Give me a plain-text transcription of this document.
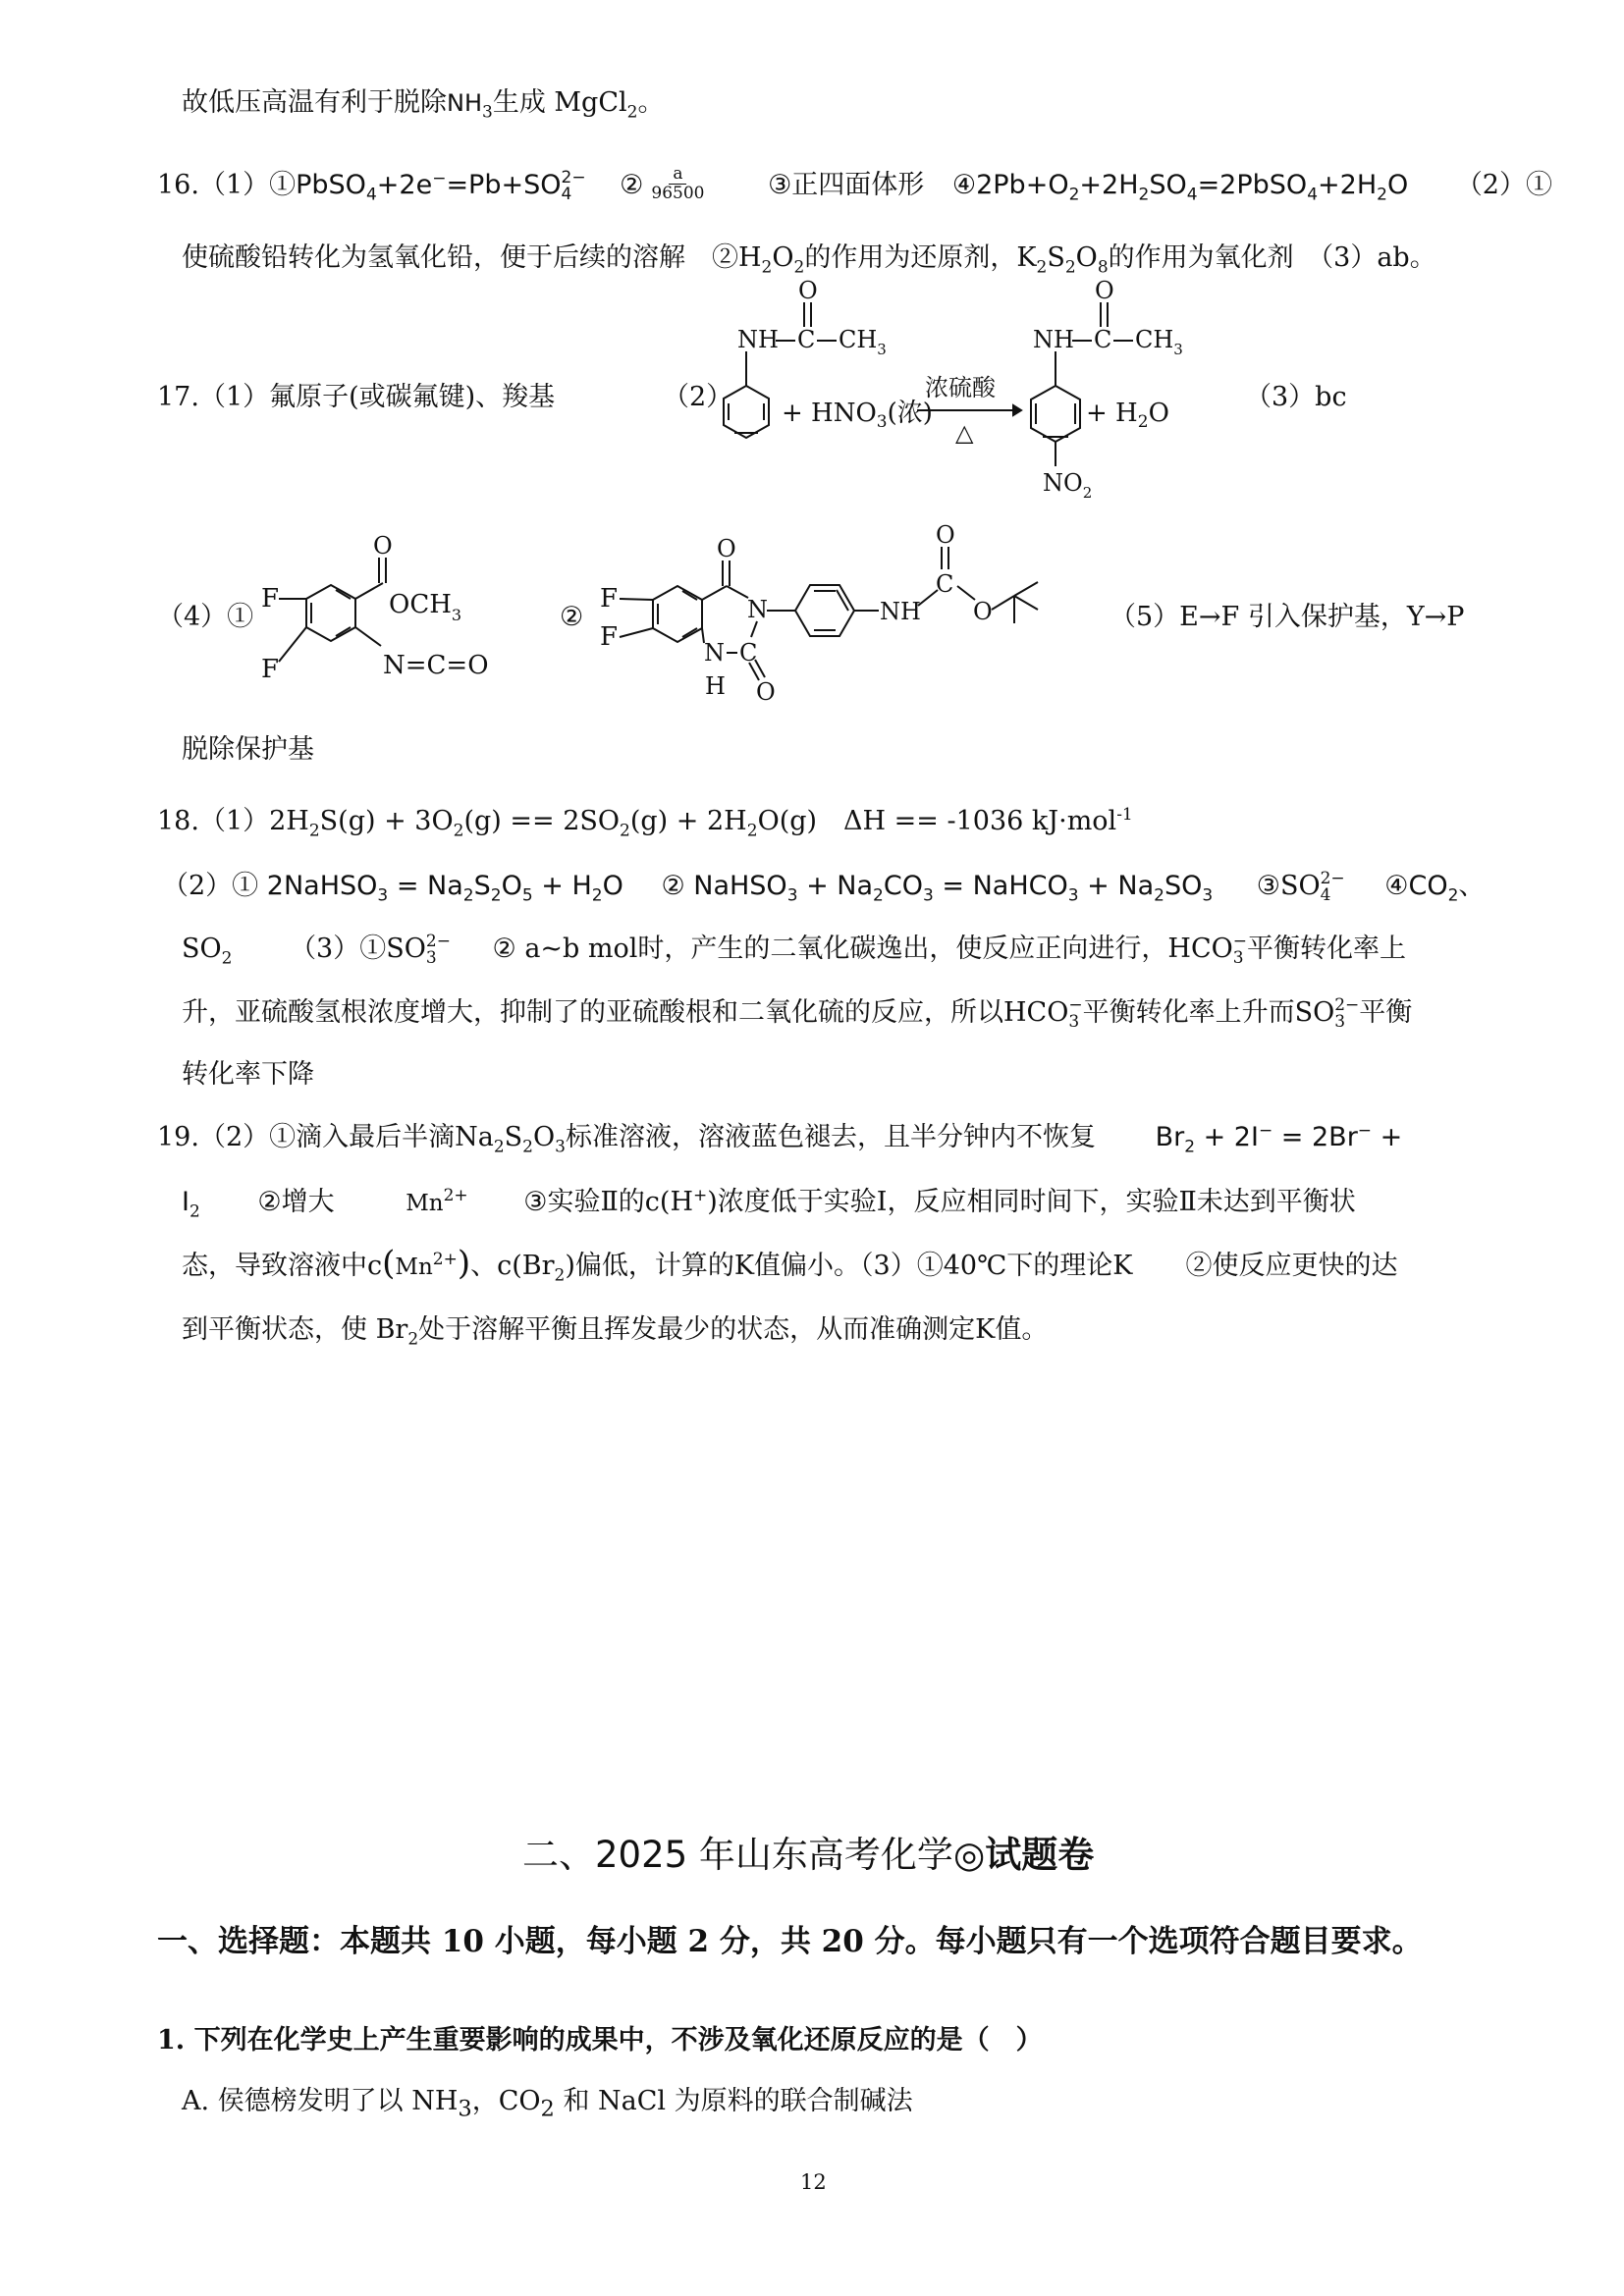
故低压高温有利于脱除$NH_3$生成 MgCl$_2$。
16.（1）①PbSO$_4$+2e−=Pb+SO 2−
4	② $\frac{a}{96500}$ ③正四面体形 $④2Pb+O_2+2H_2SO_4=2PbSO_4+2H_2O$ （2）①
使硫酸铅转化为氢氧化铅，便于后续的溶解　$②H_2O_2$的作用为还原剂，$K_2S_2O_8$的作用为氧化剂　（3）ab。
17.（1）氟原子(或碳氟键)、羧基	（2）
NH C
O
$CH_3$
+ $HNO_3$(浓)
浓硫酸
△
NH C
O
$CH_3$
$NO_2$
+ $H_2O$
（3）bc
（4）①
F
F
O
$OCH_3$
N=C=O
②
F
F
O
N
C
O
N
H
NH
C
O
O	（5）E→F 引入保护基，Y→P
脱除保护基
$18.(1)2H_2S(g) + 3O_2(g) == 2SO_2(g) + 2H_2O(g)$　ΔH == -1036 kJ·mol$^{-1}$
（2）① 2NaHSO$_3$ = $Na_2S_2O_5 + H_2O$ ② NaHSO$_3$ + $Na_2CO_3$ = NaHCO$_3$ + $Na_2SO_3$ ③SO 2−
4	$④CO_2$、
$SO_2$ （3）①SO 2−
3	② a~b mol时，产生的二氧化碳逸出，使反应正向进行，HCO −
3 平衡转化率上
升，亚硫酸氢根浓度增大，抑制了的亚硫酸根和二氧化硫的反应，所以HCO −
3 平衡转化率上升而SO 2−
3 平衡
转化率下降
19.（2）①滴入最后半滴$Na_2S_2O_3$标准溶液，溶液蓝色褪去，且半分钟内不恢复 $Br_2 + 2I^- = 2Br^-$ +
$I_2$ ②增大	$Mn^{2+}$ ③实验Ⅱ的c(H+)浓度低于实验Ⅰ，反应相同时间下，实验Ⅱ未达到平衡状
态，导致溶液中$c(Mn^{2+})$、$c(Br_2)$偏低，计算的K值偏小。（3）①40℃下的理论K　　②使反应更快的达
到平衡状态，使 $Br_2$处于溶解平衡且挥发最少的状态，从而准确测定K值。
二、2025 年山东高考化学◎试题卷
一、选择题：本题共 10 小题，每小题 2 分，共 20 分。每小题只有一个选项符合题目要求。
1. 下列在化学史上产生重要影响的成果中，不涉及氧化还原反应的是（　）
A. 侯德榜发明了以 $NH_3$，$CO_2$ 和 NaCl 为原料的联合制碱法
12
